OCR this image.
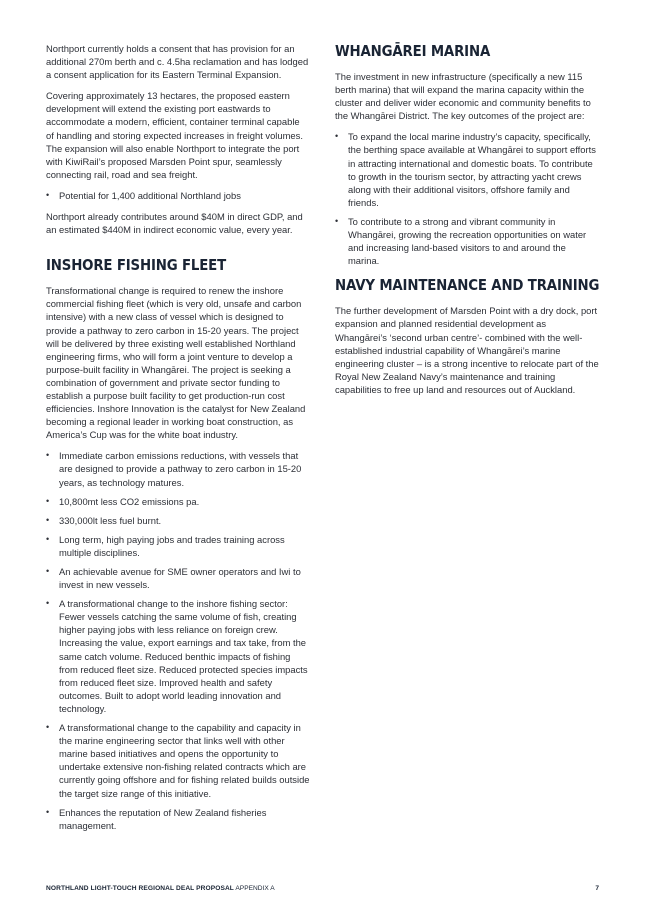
Northport currently holds a consent that has provision for an additional 270m berth and c. 4.5ha reclamation and has lodged a consent application for its Eastern Terminal Expansion.

Covering approximately 13 hectares, the proposed eastern development will extend the existing port eastwards to accommodate a modern, efficient, container terminal capable of handling and storing expected increases in freight volumes. The expansion will also enable Northport to integrate the port with KiwiRail’s proposed Marsden Point spur, seamlessly connecting rail, road and sea freight.

• Potential for 1,400 additional Northland jobs

Northport already contributes around $40M in direct GDP, and an estimated $440M in indirect economic value, every year.

INSHORE FISHING FLEET

Transformational change is required to renew the inshore commercial fishing fleet (which is very old, unsafe and carbon intensive) with a new class of vessel which is designed to provide a pathway to zero carbon in 15-20 years. The project will be delivered by three existing well established Northland engineering firms, who will form a joint venture to develop a purpose-built facility in Whangārei. The project is seeking a combination of government and private sector funding to establish a purpose built facility to get production-run cost efficiencies. Inshore Innovation is the catalyst for New Zealand becoming a regional leader in working boat construction, as America’s Cup was for the white boat industry.

• Immediate carbon emissions reductions, with vessels that are designed to provide a pathway to zero carbon in 15-20 years, as technology matures.
• 10,800mt less CO2 emissions pa.
• 330,000lt less fuel burnt.
• Long term, high paying jobs and trades training across multiple disciplines.
• An achievable avenue for SME owner operators and Iwi to invest in new vessels.
• A transformational change to the inshore fishing sector: Fewer vessels catching the same volume of fish, creating higher paying jobs with less reliance on foreign crew. Increasing the value, export earnings and tax take, from the same catch volume. Reduced benthic impacts of fishing from reduced fleet size. Reduced protected species impacts from reduced fleet size. Improved health and safety outcomes. Built to adopt world leading innovation and technology.
• A transformational change to the capability and capacity in the marine engineering sector that links well with other marine based initiatives and opens the opportunity to undertake extensive non-fishing related contracts which are currently going offshore and for fishing related builds outside the target size range of this initiative.
• Enhances the reputation of New Zealand fisheries management.
WHANGĀREI MARINA

The investment in new infrastructure (specifically a new 115 berth marina) that will expand the marina capacity within the cluster and deliver wider economic and community benefits to the Whangārei District. The key outcomes of the project are:

• To expand the local marine industry’s capacity, specifically, the berthing space available at Whangārei to support efforts in attracting international and domestic boats. To contribute to growth in the tourism sector, by attracting yacht crews along with their additional visitors, offshore family and friends.
• To contribute to a strong and vibrant community in Whangārei, growing the recreation opportunities on water and increasing land-based visitors to and around the marina.
NAVY MAINTENANCE AND TRAINING

The further development of Marsden Point with a dry dock, port expansion and planned residential development as Whangārei’s ‘second urban centre’- combined with the well-established industrial capability of Whangārei’s marine engineering cluster – is a strong incentive to relocate part of the Royal New Zealand Navy’s maintenance and training capabilities to free up land and resources out of Auckland.

NORTHLAND LIGHT-TOUCH REGIONAL DEAL PROPOSAL APPENDIX A	7
